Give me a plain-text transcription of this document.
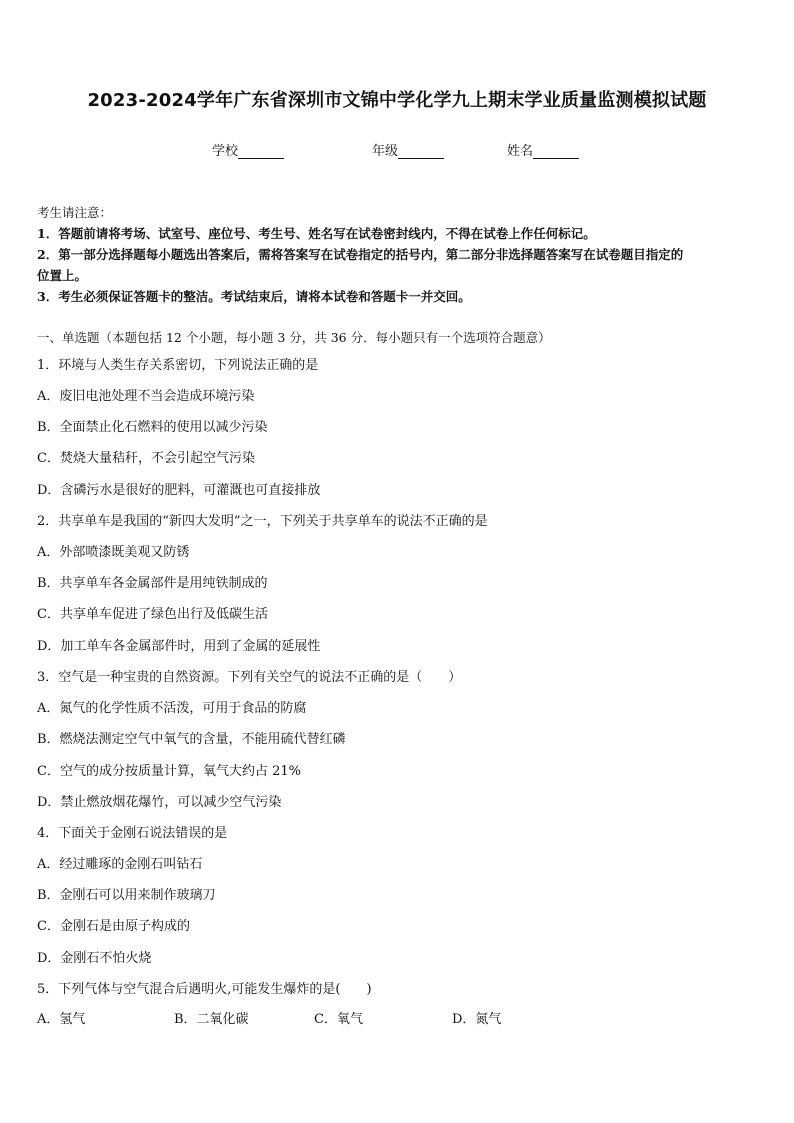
2023-2024学年广东省深圳市文锦中学化学九上期末学业质量监测模拟试题
学校	年级	姓名

考生请注意：

1．答题前请将考场、试室号、座位号、考生号、姓名写在试卷密封线内，不得在试卷上作任何标记。

2．第一部分选择题每小题选出答案后，需将答案写在试卷指定的括号内，第二部分非选择题答案写在试卷题目指定的

位置上。

3．考生必须保证答题卡的整洁。考试结束后，请将本试卷和答题卡一并交回。

一、单选题（本题包括 12 个小题，每小题 3 分，共 36 分．每小题只有一个选项符合题意）
1．环境与人类生存关系密切，下列说法正确的是
A．废旧电池处理不当会造成环境污染
B．全面禁止化石燃料的使用以减少污染
C．焚烧大量秸秆，不会引起空气污染
D．含磷污水是很好的肥料，可灌溉也可直接排放
2．共享单车是我国的“新四大发明”之一，下列关于共享单车的说法不正确的是
A．外部喷漆既美观又防锈
B．共享单车各金属部件是用纯铁制成的
C．共享单车促进了绿色出行及低碳生活
D．加工单车各金属部件时，用到了金属的延展性
3．空气是一种宝贵的自然资源。下列有关空气的说法不正确的是（　　）
A．氮气的化学性质不活泼，可用于食品的防腐
B．燃烧法测定空气中氧气的含量，不能用硫代替红磷
C．空气的成分按质量计算，氧气大约占 21%
D．禁止燃放烟花爆竹，可以减少空气污染
4．下面关于金刚石说法错误的是
A．经过雕琢的金刚石叫钻石
B．金刚石可以用来制作玻璃刀
C．金刚石是由原子构成的
D．金刚石不怕火烧
5．下列气体与空气混合后遇明火,可能发生爆炸的是(　　)
A．氢气	B．二氧化碳	C．氧气	D．氮气
